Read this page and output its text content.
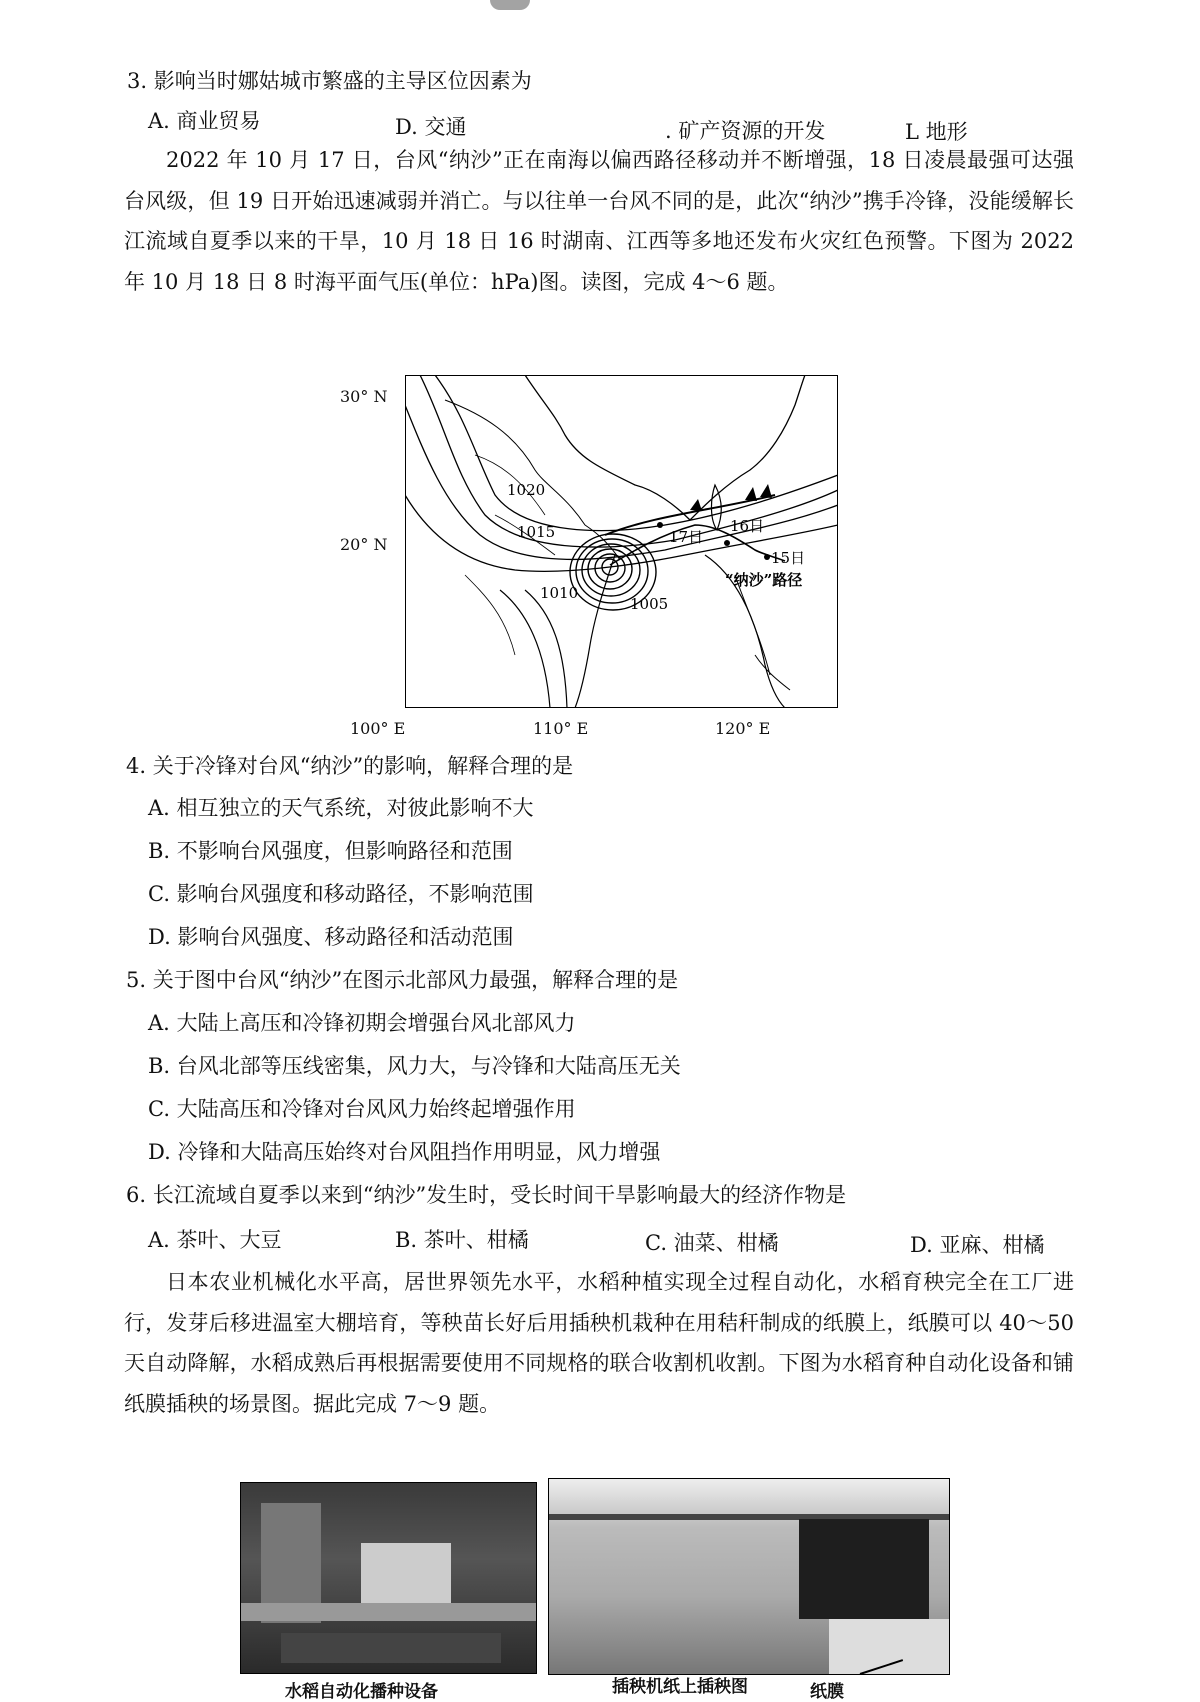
3. 影响当时娜姑城市繁盛的主导区位因素为
A. 商业贸易	D. 交通	. 矿产资源的开发	L 地形
2022 年 10 月 17 日，台风“纳沙”正在南海以偏西路径移动并不断增强，18 日凌晨最强可达强台风级，但 19 日开始迅速减弱并消亡。与以往单一台风不同的是，此次“纳沙”携手冷锋，没能缓解长江流域自夏季以来的干旱，10 月 18 日 16 时湖南、江西等多地还发布火灾红色预警。下图为 2022 年 10 月 18 日 8 时海平面气压(单位：hPa)图。读图，完成 4～6 题。
1020
1015
1010
1005
17日
16日
15日
“纳沙”路径
30° N
20° N
100° E	110° E	120° E
4. 关于冷锋对台风“纳沙”的影响，解释合理的是
A. 相互独立的天气系统，对彼此影响不大
B. 不影响台风强度，但影响路径和范围
C. 影响台风强度和移动路径，不影响范围
D. 影响台风强度、移动路径和活动范围
5. 关于图中台风“纳沙”在图示北部风力最强，解释合理的是
A. 大陆上高压和冷锋初期会增强台风北部风力
B. 台风北部等压线密集，风力大，与冷锋和大陆高压无关
C. 大陆高压和冷锋对台风风力始终起增强作用
D. 冷锋和大陆高压始终对台风阻挡作用明显，风力增强
6. 长江流域自夏季以来到“纳沙”发生时，受长时间干旱影响最大的经济作物是
A. 茶叶、大豆	B. 茶叶、柑橘	C. 油菜、柑橘	D. 亚麻、柑橘
日本农业机械化水平高，居世界领先水平，水稻种植实现全过程自动化，水稻育秧完全在工厂进行，发芽后移进温室大棚培育，等秧苗长好后用插秧机栽种在用秸秆制成的纸膜上，纸膜可以 40～50 天自动降解，水稻成熟后再根据需要使用不同规格的联合收割机收割。下图为水稻育种自动化设备和铺纸膜插秧的场景图。据此完成 7～9 题。
水稻自动化播种设备	插秧机纸上插秧图	纸膜
